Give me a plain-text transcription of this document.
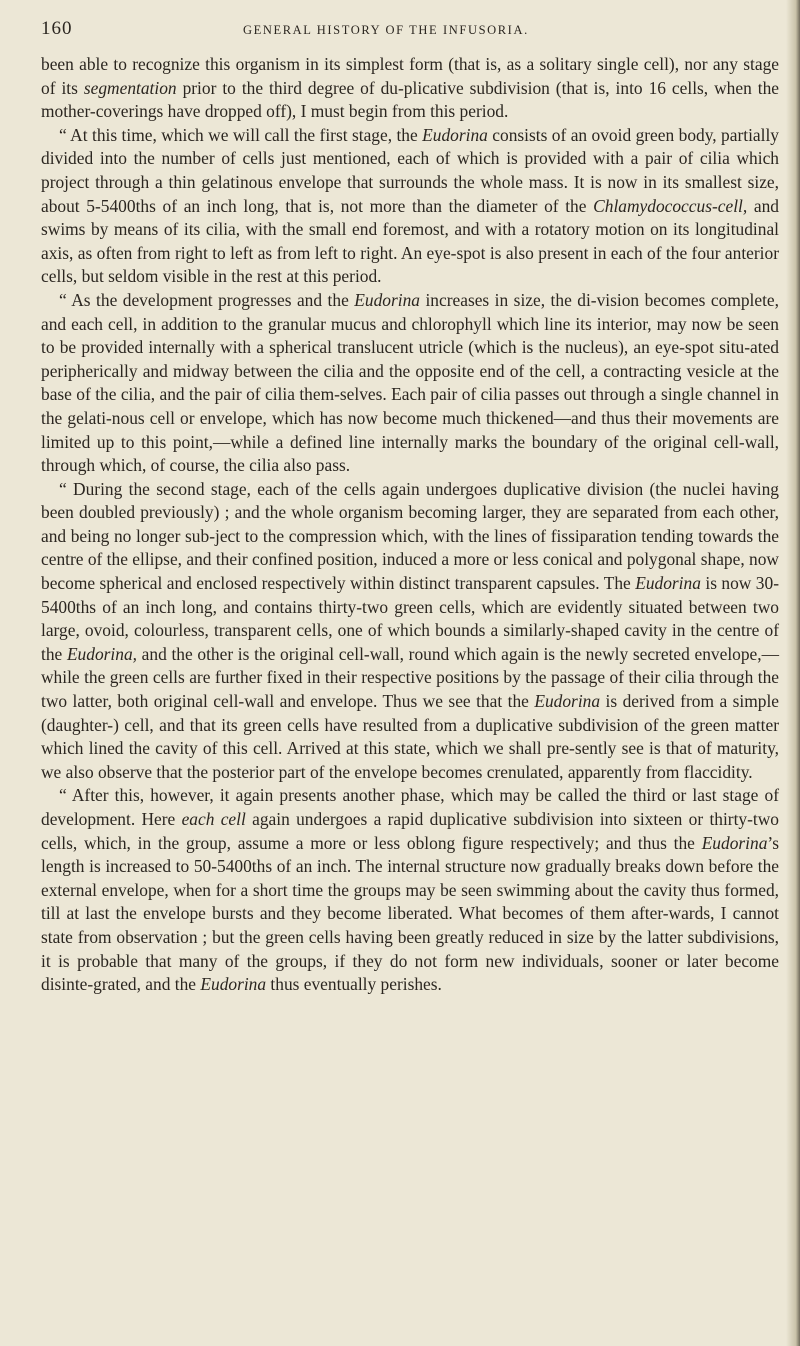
160	GENERAL HISTORY OF THE INFUSORIA.

been able to recognize this organism in its simplest form (that is, as a solitary single cell), nor any stage of its segmentation prior to the third degree of du-plicative subdivision (that is, into 16 cells, when the mother-coverings have dropped off), I must begin from this period.

“ At this time, which we will call the first stage, the Eudorina consists of an ovoid green body, partially divided into the number of cells just mentioned, each of which is provided with a pair of cilia which project through a thin gelatinous envelope that surrounds the whole mass. It is now in its smallest size, about 5-5400ths of an inch long, that is, not more than the diameter of the Chlamydococcus-cell, and swims by means of its cilia, with the small end foremost, and with a rotatory motion on its longitudinal axis, as often from right to left as from left to right. An eye-spot is also present in each of the four anterior cells, but seldom visible in the rest at this period.

“ As the development progresses and the Eudorina increases in size, the di-vision becomes complete, and each cell, in addition to the granular mucus and chlorophyll which line its interior, may now be seen to be provided internally with a spherical translucent utricle (which is the nucleus), an eye-spot situ-ated peripherically and midway between the cilia and the opposite end of the cell, a contracting vesicle at the base of the cilia, and the pair of cilia them-selves. Each pair of cilia passes out through a single channel in the gelati-nous cell or envelope, which has now become much thickened—and thus their movements are limited up to this point,—while a defined line internally marks the boundary of the original cell-wall, through which, of course, the cilia also pass.

“ During the second stage, each of the cells again undergoes duplicative division (the nuclei having been doubled previously) ; and the whole organism becoming larger, they are separated from each other, and being no longer sub-ject to the compression which, with the lines of fissiparation tending towards the centre of the ellipse, and their confined position, induced a more or less conical and polygonal shape, now become spherical and enclosed respectively within distinct transparent capsules. The Eudorina is now 30-5400ths of an inch long, and contains thirty-two green cells, which are evidently situated between two large, ovoid, colourless, transparent cells, one of which bounds a similarly-shaped cavity in the centre of the Eudorina, and the other is the original cell-wall, round which again is the newly secreted envelope,—while the green cells are further fixed in their respective positions by the passage of their cilia through the two latter, both original cell-wall and envelope. Thus we see that the Eudorina is derived from a simple (daughter-) cell, and that its green cells have resulted from a duplicative subdivision of the green matter which lined the cavity of this cell. Arrived at this state, which we shall pre-sently see is that of maturity, we also observe that the posterior part of the envelope becomes crenulated, apparently from flaccidity.

“ After this, however, it again presents another phase, which may be called the third or last stage of development. Here each cell again undergoes a rapid duplicative subdivision into sixteen or thirty-two cells, which, in the group, assume a more or less oblong figure respectively; and thus the Eudorina’s length is increased to 50-5400ths of an inch. The internal structure now gradually breaks down before the external envelope, when for a short time the groups may be seen swimming about the cavity thus formed, till at last the envelope bursts and they become liberated. What becomes of them after-wards, I cannot state from observation ; but the green cells having been greatly reduced in size by the latter subdivisions, it is probable that many of the groups, if they do not form new individuals, sooner or later become disinte-grated, and the Eudorina thus eventually perishes.
